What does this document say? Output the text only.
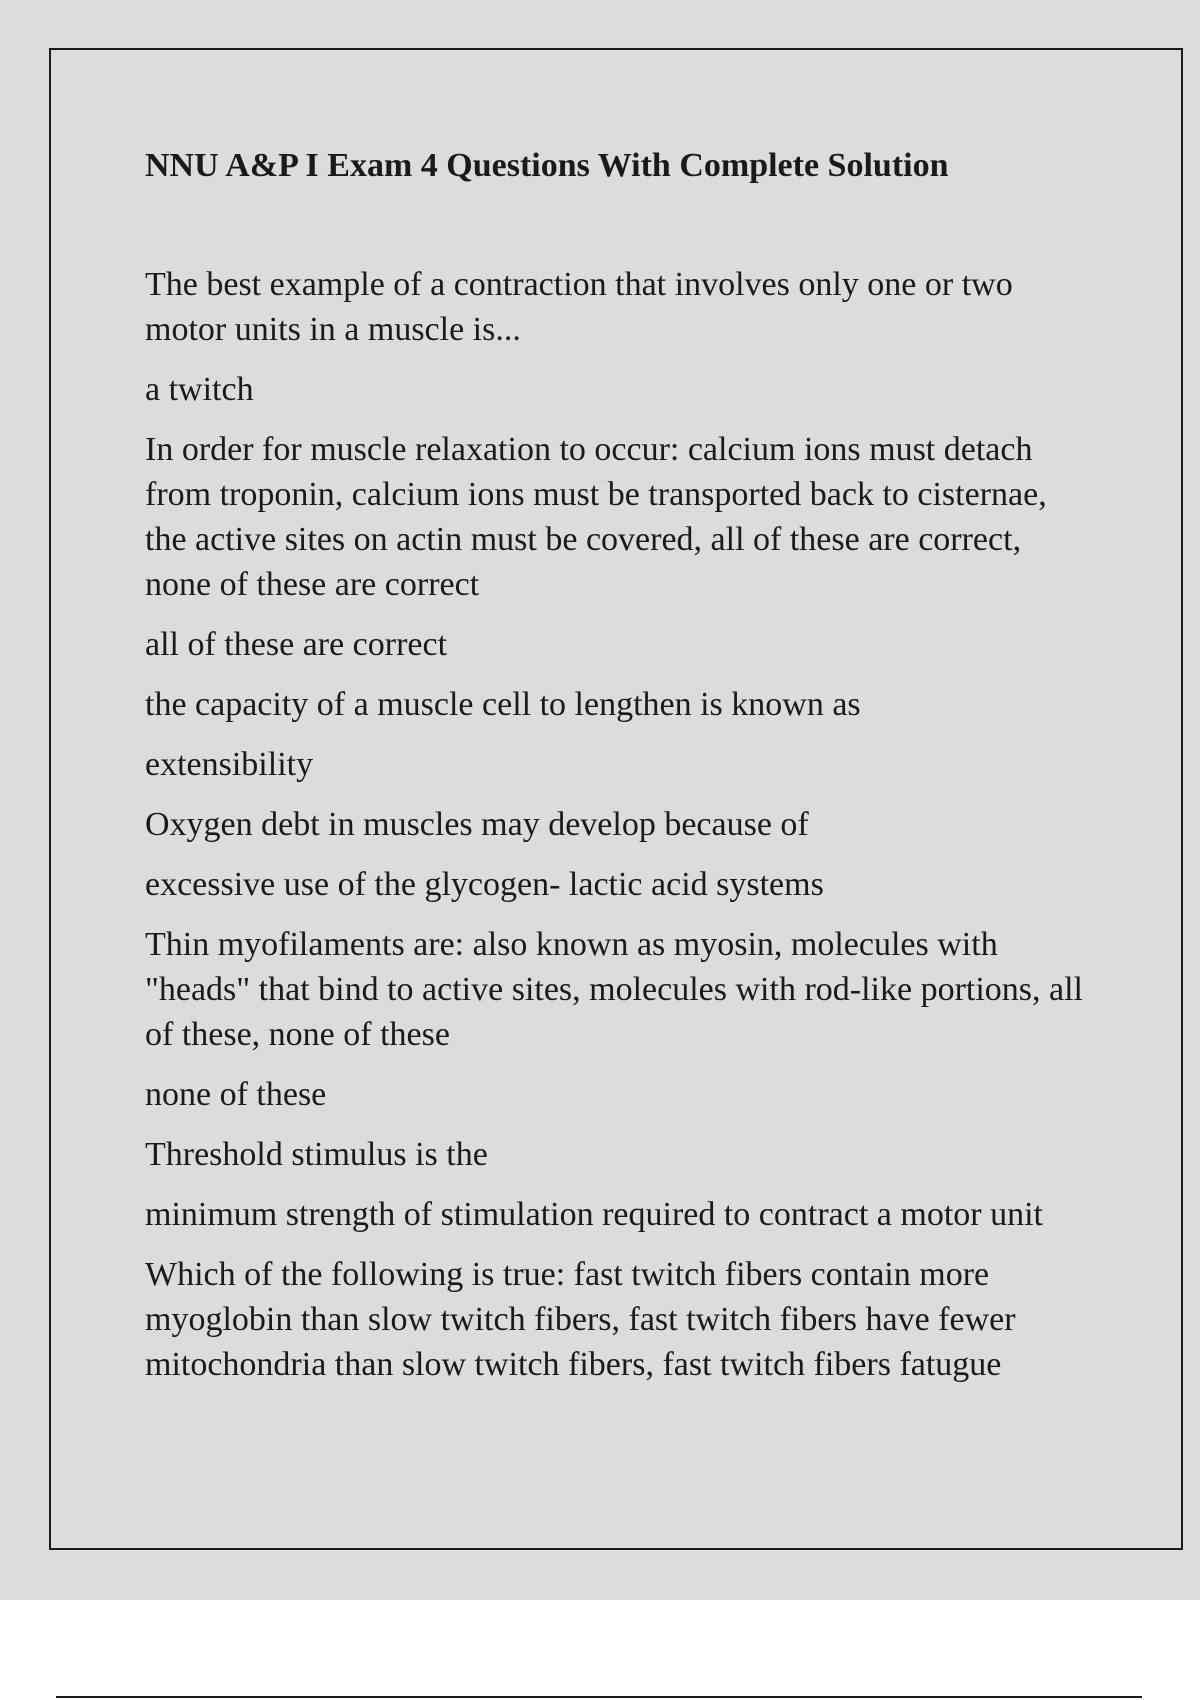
NNU A&P I Exam 4 Questions With Complete Solution
The best example of a contraction that involves only one or two motor units in a muscle is...
a twitch
In order for muscle relaxation to occur: calcium ions must detach from troponin, calcium ions must be transported back to cisternae, the active sites on actin must be covered, all of these are correct, none of these are correct
all of these are correct
the capacity of a muscle cell to lengthen is known as
extensibility
Oxygen debt in muscles may develop because of
excessive use of the glycogen- lactic acid systems
Thin myofilaments are: also known as myosin, molecules with "heads" that bind to active sites, molecules with rod-like portions, all of these, none of these
none of these
Threshold stimulus is the
minimum strength of stimulation required to contract a motor unit
Which of the following is true: fast twitch fibers contain more myoglobin than slow twitch fibers, fast twitch fibers have fewer mitochondria than slow twitch fibers, fast twitch fibers fatugue
